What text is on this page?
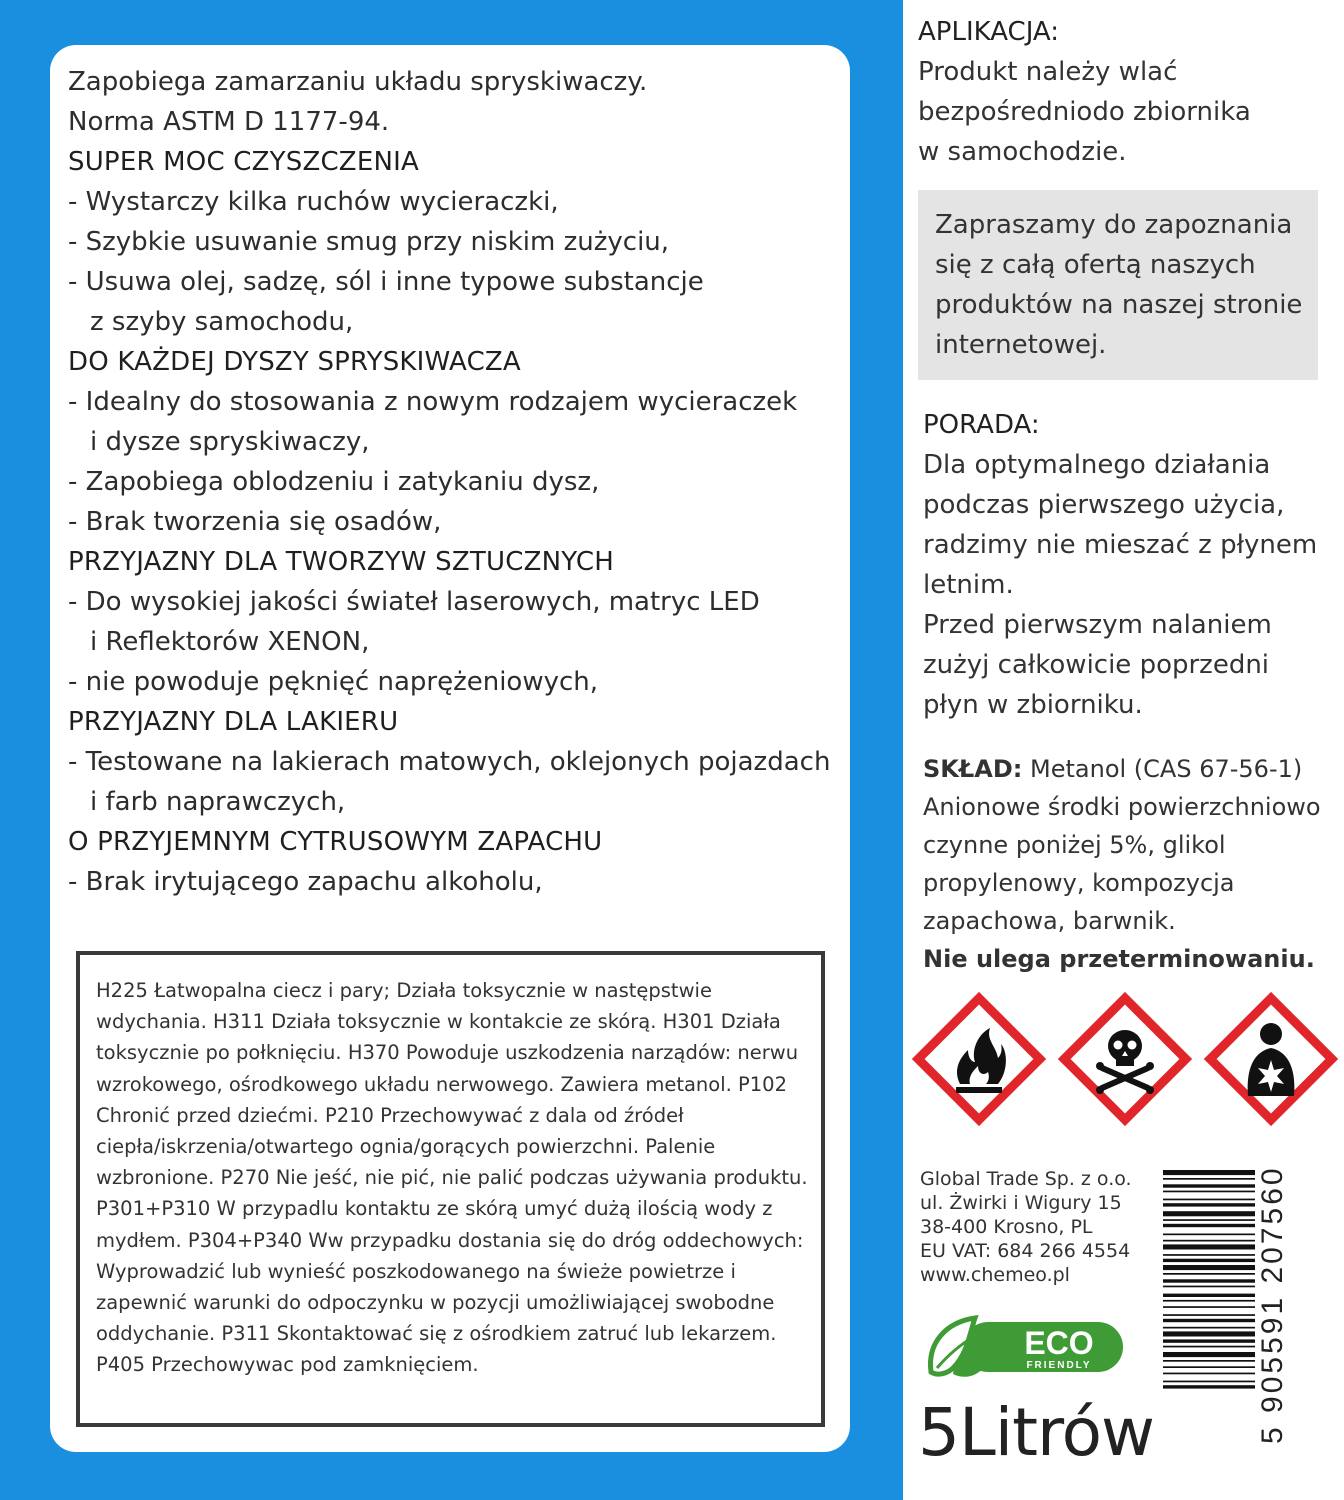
Zapobiega zamarzaniu układu spryskiwaczy.
Norma ASTM D 1177-94.
SUPER MOC CZYSZCZENIA
- Wystarczy kilka ruchów wycieraczki,
- Szybkie usuwanie smug przy niskim zużyciu,
- Usuwa olej, sadzę, sól i inne typowe substancje
z szyby samochodu,
DO KAŻDEJ DYSZY SPRYSKIWACZA
- Idealny do stosowania z nowym rodzajem wycieraczek
i dysze spryskiwaczy,
- Zapobiega oblodzeniu i zatykaniu dysz,
- Brak tworzenia się osadów,
PRZYJAZNY DLA TWORZYW SZTUCZNYCH
- Do wysokiej jakości świateł laserowych, matryc LED
i Reflektorów XENON,
- nie powoduje pęknięć naprężeniowych,
PRZYJAZNY DLA LAKIERU
- Testowane na lakierach matowych, oklejonych pojazdach
i farb naprawczych,
O PRZYJEMNYM CYTRUSOWYM ZAPACHU
- Brak irytującego zapachu alkoholu,
H225 Łatwopalna ciecz i pary; Działa toksycznie w następstwie wdychania. H311 Działa toksycznie w kontakcie ze skórą. H301 Działa toksycznie po połknięciu. H370 Powoduje uszkodzenia narządów: nerwu wzrokowego, ośrodkowego układu nerwowego. Zawiera metanol. P102 Chronić przed dziećmi. P210 Przechowywać z dala od źródeł ciepła/iskrzenia/otwartego ognia/gorących powierzchni. Palenie wzbronione. P270 Nie jeść, nie pić, nie palić podczas używania produktu. P301+P310 W przypadlu kontaktu ze skórą umyć dużą ilością wody z mydłem. P304+P340 Ww przypadku dostania się do dróg oddechowych: Wyprowadzić lub wynieść poszkodowanego na świeże powietrze i zapewnić warunki do odpoczynku w pozycji umożliwiającej swobodne oddychanie. P311 Skontaktować się z ośrodkiem zatruć lub lekarzem. P405 Przechowywac pod zamknięciem.
APLIKACJA:
Produkt należy wlać
bezpośredniodo zbiornika
w samochodzie.
Zapraszamy do zapoznania
się z całą ofertą naszych
produktów na naszej stronie
internetowej.
PORADA:
Dla optymalnego działania
podczas pierwszego użycia,
radzimy nie mieszać z płynem
letnim.
Przed pierwszym nalaniem
zużyj całkowicie poprzedni
płyn w zbiorniku.
SKŁAD: Metanol (CAS 67-56-1)
Anionowe środki powierzchniowo
czynne poniżej 5%, glikol
propylenowy, kompozycja
zapachowa, barwnik.
Nie ulega przeterminowaniu.
Global Trade Sp. z o.o.
ul. Żwirki i Wigury 15
38-400 Krosno, PL
EU VAT: 684 266 4554
www.chemeo.pl
ECO
FRIENDLY
5Litrów	5 905591 207560
